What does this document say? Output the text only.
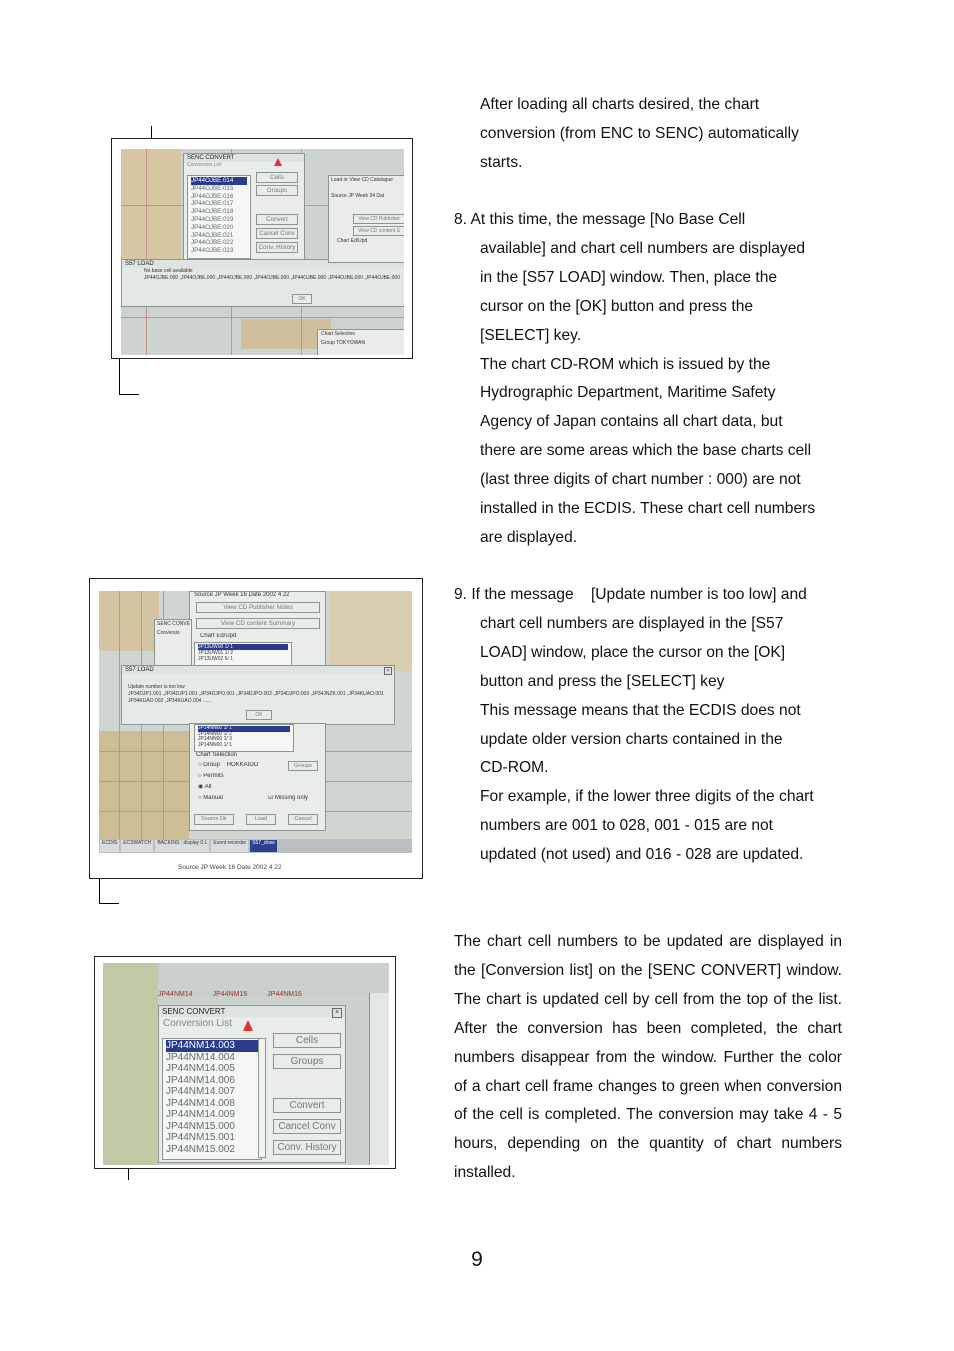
After loading all charts desired, the chart
conversion (from ENC to SENC) automatically
starts.
8. At this time, the message [No Base Cell
available] and chart cell numbers are displayed
in the [S57 LOAD] window. Then, place the
cursor on the [OK] button and press the
[SELECT] key.
The chart CD-ROM which is issued by the
Hydrographic Department, Maritime Safety
Agency of Japan contains all chart data, but
there are some areas which the base charts cell
(last three digits of chart number : 000) are not
installed in the ECDIS. These chart cell numbers
are displayed.
9. If the message    [Update number is too low] and
chart cell numbers are displayed in the [S57
LOAD] window, place the cursor on the [OK]
button and press the [SELECT] key
This message means that the ECDIS does not
update older version charts contained in the
CD-ROM.
For example, if the lower three digits of the chart
numbers are 001 to 028, 001 - 015 are not
updated (not used) and 016 - 028 are updated.
The chart cell numbers to be updated are displayed in the [Conversion list] on the [SENC CONVERT] window. The chart is updated cell by cell from the top of the list. After the conversion has been completed, the chart numbers disappear from the window. Further the color of a chart cell frame changes to green when conversion of the cell is completed. The conversion may take 4 - 5 hours, depending on the quantity of chart numbers installed.
9
SENC CONVERT
Conversion List
JP44OJBE.014
JP44OJBE.015
JP44OJBE.016
JP44OJBE.017
JP44OJBE.018
JP44OJBE.019
JP44OJBE.020
JP44OJBE.021
JP44OJBE.022
JP44OJBE.023
Cells
Groups
Convert
Cancel Conv
Conv. History
S57 LOAD
No base cell available
JP44OJBE.000 ,JP44OJBE.000 ,JP44OJBE.000 ,JP44OJBE.000 ,JP44OJBE.000 ,JP44OJBE.000 ,JP44OJBE.000
OK
Load or View CD Catalogue
Source JP Week 34 Dat
View CD Publisher
View CD content S
Chart Ed/Upd
Chart Selection
Group TOKYOWAN
Source JP Week 16 Date 2002 4 22
View CD Publisher Notes
View CD content Summary
Chart Ed/Upd
JP13UW00 1/ 1
JP13UW01 1/ 2
JP13UW02 5/ 1
SENC CONVE
Conversio
S57 LOAD	×
Update number is too low
JP34DJP1.001 ,JP34DJP1.001 ,JP34DJPO.001 ,JP34DJPO.002 ,JP34DJPO.003 ,JP34JNZK.001 ,JP34KUAO.001
JP34KUAO.002 ,JP34KUAO.004 ......
OK
JP14NN00 1/ 1
JP14NN00 1/ 2
JP14NN00 1/ 3
JP14NN00 1/ 1
Chart Selection
○ Group HOKKAIDO	Groups
○ Permits
◉ All
○ Manual	☑ Missing only
Source Dir	Load	Cancel
ECDIS	ECSWATCH	BACKINS : display 0 L	Event recorder	S57_draw
Source JP Week 16 Date 2002 4 22
JP44NM14	JP44NM15	JP44NM16
SENC CONVERT
Conversion List
×
JP44NM14.003
JP44NM14.004
JP44NM14.005
JP44NM14.006
JP44NM14.007
JP44NM14.008
JP44NM14.009
JP44NM15.000
JP44NM15.001
JP44NM15.002
Cells
Groups
Convert
Cancel Conv
Conv. History
